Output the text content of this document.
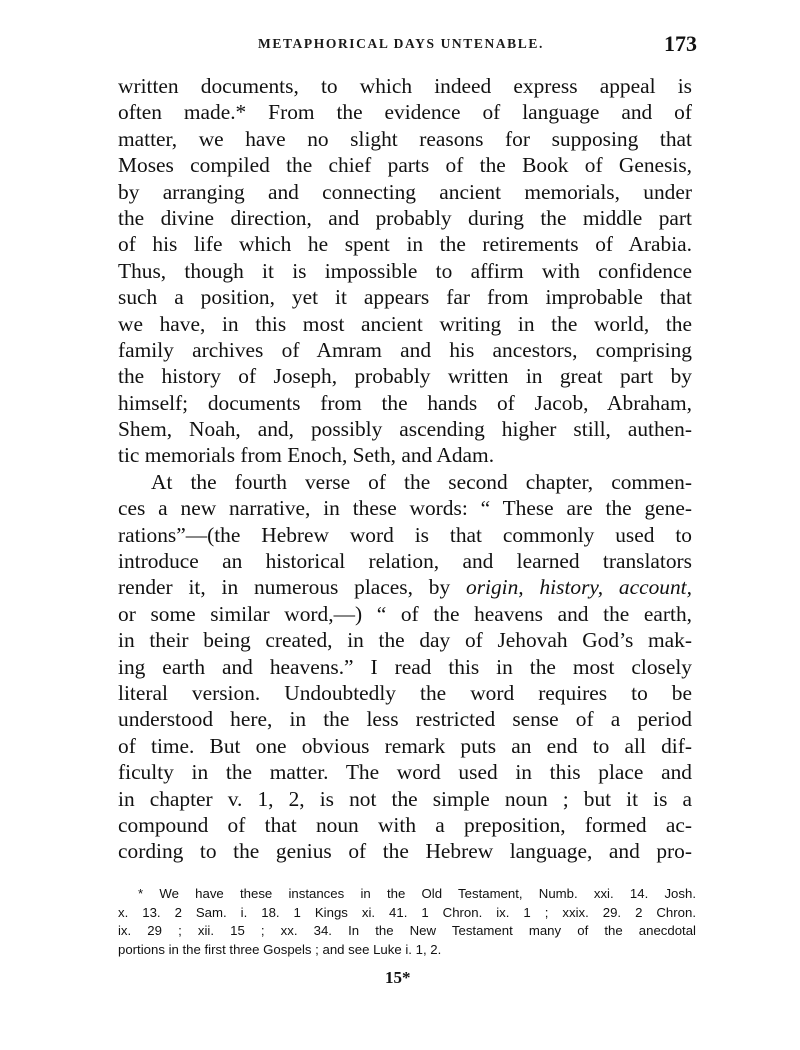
METAPHORICAL DAYS UNTENABLE.	173
written documents, to which indeed express appeal is
often made.* From the evidence of language and of
matter, we have no slight reasons for supposing that
Moses compiled the chief parts of the Book of Genesis,
by arranging and connecting ancient memorials, under
the divine direction, and probably during the middle part
of his life which he spent in the retirements of Arabia.
Thus, though it is impossible to affirm with confidence
such a position, yet it appears far from improbable that
we have, in this most ancient writing in the world, the
family archives of Amram and his ancestors, comprising
the history of Joseph, probably written in great part by
himself; documents from the hands of Jacob, Abraham,
Shem, Noah, and, possibly ascending higher still, authen-
tic memorials from Enoch, Seth, and Adam.
At the fourth verse of the second chapter, commen-
ces a new narrative, in these words: “ These are the gene-
rations”—(the Hebrew word is that commonly used to
introduce an historical relation, and learned translators
render it, in numerous places, by origin, history, account,
or some similar word,—) “ of the heavens and the earth,
in their being created, in the day of Jehovah God’s mak-
ing earth and heavens.” I read this in the most closely
literal version. Undoubtedly the word requires to be
understood here, in the less restricted sense of a period
of time. But one obvious remark puts an end to all dif-
ficulty in the matter. The word used in this place and
in chapter v. 1, 2, is not the simple noun ; but it is a
compound of that noun with a preposition, formed ac-
cording to the genius of the Hebrew language, and pro-
* We have these instances in the Old Testament, Numb. xxi. 14. Josh.
x. 13. 2 Sam. i. 18. 1 Kings xi. 41. 1 Chron. ix. 1 ; xxix. 29. 2 Chron.
ix. 29 ; xii. 15 ; xx. 34. In the New Testament many of the anecdotal
portions in the first three Gospels ; and see Luke i. 1, 2.
15*
